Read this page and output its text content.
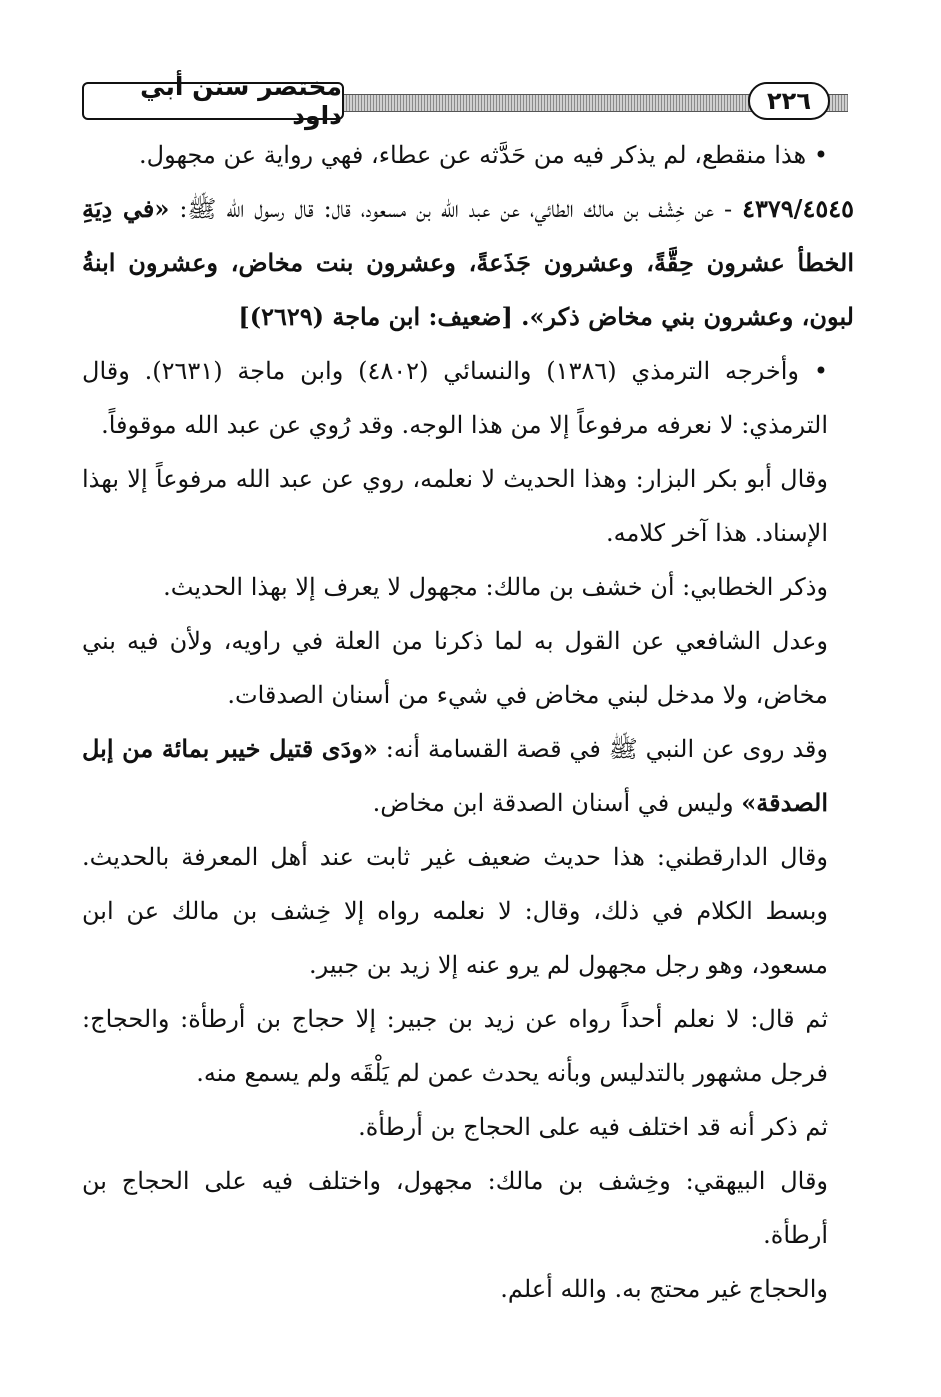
مختصر سنن أبي داود	٢٢٦

• هذا منقطع، لم يذكر فيه من حَدَّثه عن عطاء، فهي رواية عن مجهول.

٤٣٧٩/٤٥٤٥ - عن خِشْف بن مالك الطائي، عن عبد الله بن مسعود، قال: قال رسول الله ﷺ: «في دِيَةِ الخطأ عشرون حِقَّةً، وعشرون جَذَعةً، وعشرون بنت مخاض، وعشرون ابنةُ لبون، وعشرون بني مخاض ذكر». [ضعيف: ابن ماجة (٢٦٢٩)]

• وأخرجه الترمذي (١٣٨٦) والنسائي (٤٨٠٢) وابن ماجة (٢٦٣١). وقال الترمذي: لا نعرفه مرفوعاً إلا من هذا الوجه. وقد رُوي عن عبد الله موقوفاً.

وقال أبو بكر البزار: وهذا الحديث لا نعلمه، روي عن عبد الله مرفوعاً إلا بهذا الإسناد. هذا آخر كلامه.

وذكر الخطابي: أن خشف بن مالك: مجهول لا يعرف إلا بهذا الحديث.

وعدل الشافعي عن القول به لما ذكرنا من العلة في راويه، ولأن فيه بني مخاض، ولا مدخل لبني مخاض في شيء من أسنان الصدقات.

وقد روى عن النبي ﷺ في قصة القسامة أنه: «ودَى قتيل خيبر بمائة من إبل الصدقة» وليس في أسنان الصدقة ابن مخاض.

وقال الدارقطني: هذا حديث ضعيف غير ثابت عند أهل المعرفة بالحديث. وبسط الكلام في ذلك، وقال: لا نعلمه رواه إلا خِشف بن مالك عن ابن مسعود، وهو رجل مجهول لم يرو عنه إلا زيد بن جبير.

ثم قال: لا نعلم أحداً رواه عن زيد بن جبير: إلا حجاج بن أرطأة: والحجاج: فرجل مشهور بالتدليس وبأنه يحدث عمن لم يَلْقَه ولم يسمع منه.

ثم ذكر أنه قد اختلف فيه على الحجاج بن أرطأة.

وقال البيهقي: وخِشف بن مالك: مجهول، واختلف فيه على الحجاج بن أرطأة.

والحجاج غير محتج به. والله أعلم.
